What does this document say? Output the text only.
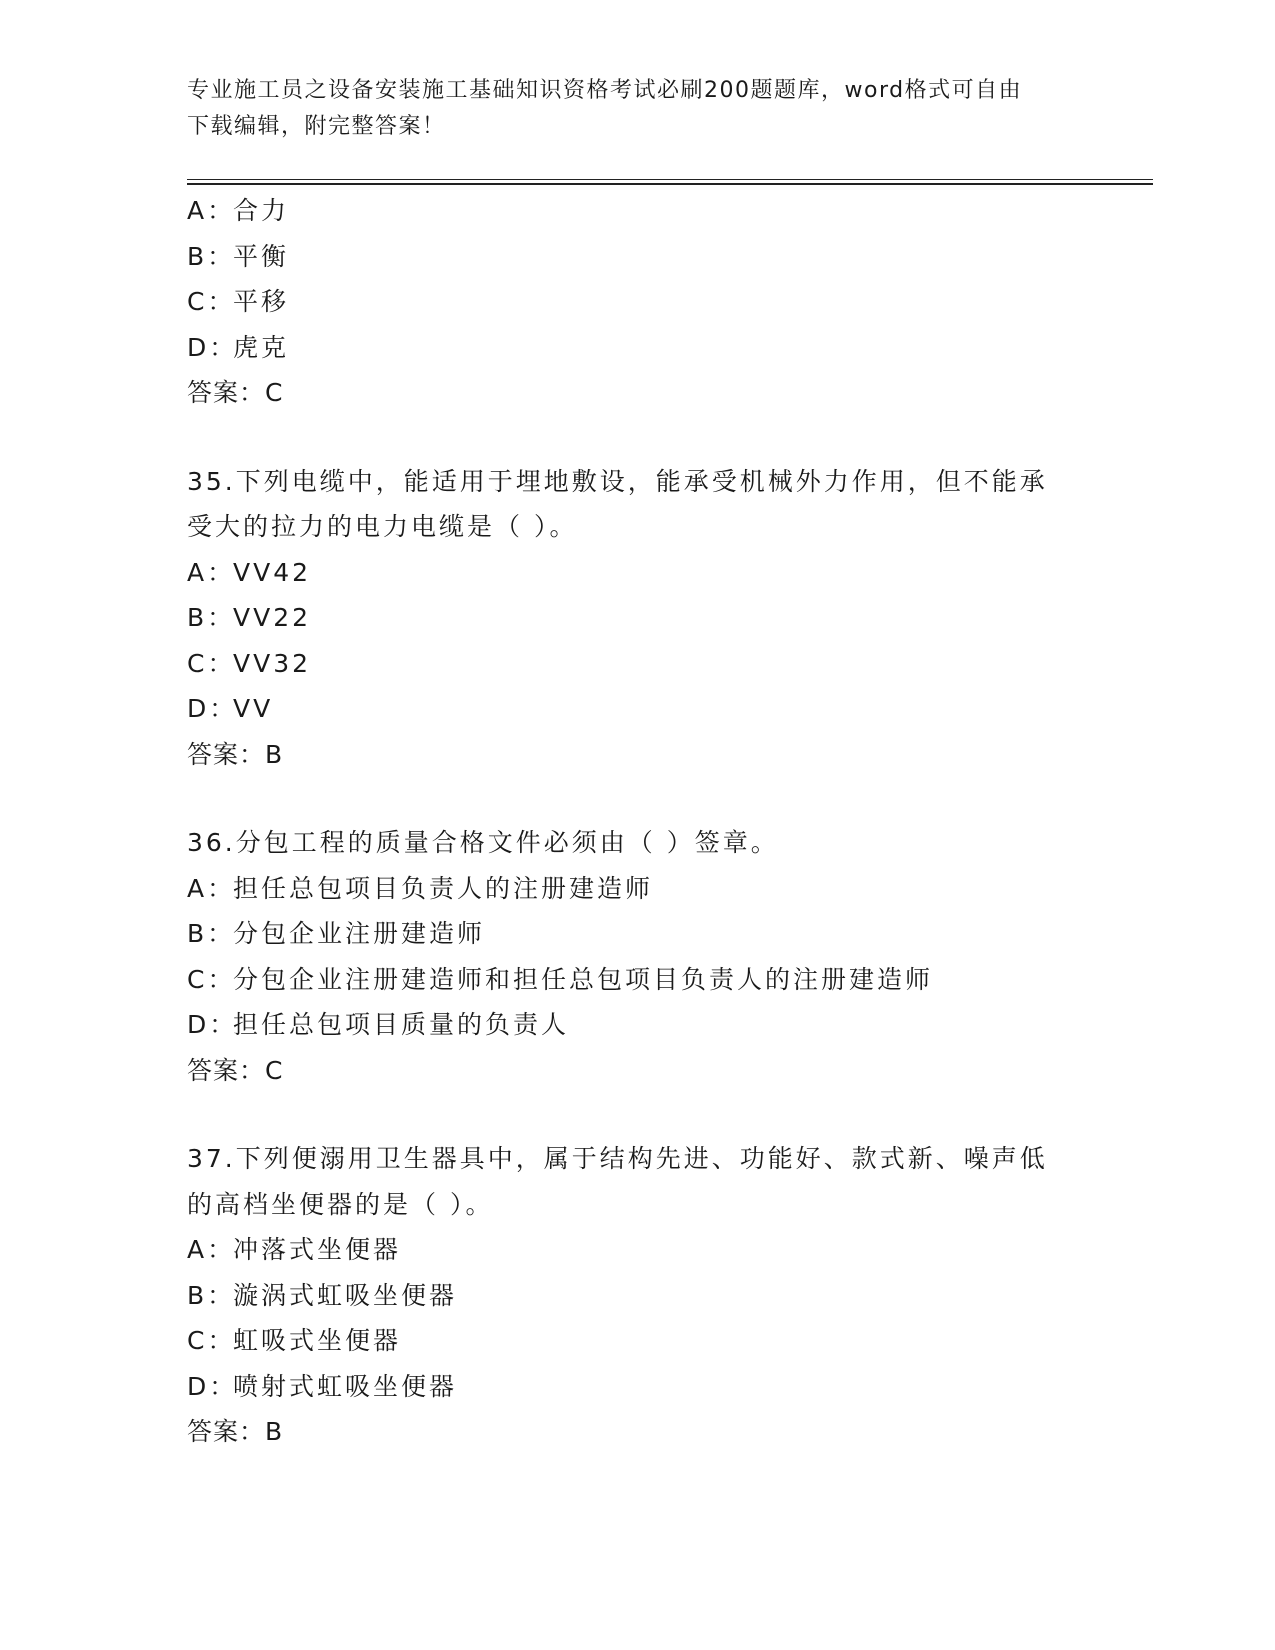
专业施工员之设备安装施工基础知识资格考试必刷200题题库，word格式可自由
下载编辑，附完整答案！
A：合力
B：平衡
C：平移
D：虎克
答案：C
35.下列电缆中，能适用于埋地敷设，能承受机械外力作用，但不能承
受大的拉力的电力电缆是（ ）。
A：VV42
B：VV22
C：VV32
D：VV
答案：B
36.分包工程的质量合格文件必须由（ ）签章。
A：担任总包项目负责人的注册建造师
B：分包企业注册建造师
C：分包企业注册建造师和担任总包项目负责人的注册建造师
D：担任总包项目质量的负责人
答案：C
37.下列便溺用卫生器具中，属于结构先进、功能好、款式新、噪声低
的高档坐便器的是（ ）。
A：冲落式坐便器
B：漩涡式虹吸坐便器
C：虹吸式坐便器
D：喷射式虹吸坐便器
答案：B
